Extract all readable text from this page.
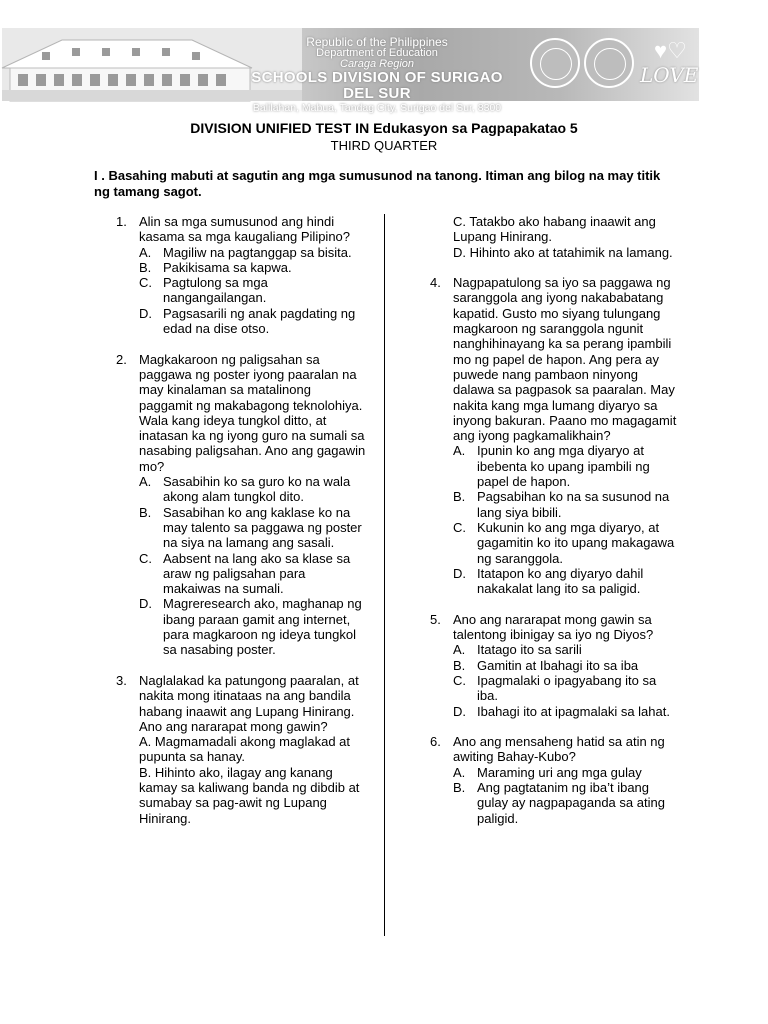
Republic of the Philippines
Department of Education
Caraga Region
SCHOOLS DIVISION OF SURIGAO DEL SUR
Balilahan, Mabua, Tandag City, Surigao del Sur, 8300
♥♡
LOVE
DIVISION UNIFIED TEST IN Edukasyon sa Pagpapakatao 5
THIRD QUARTER
I . Basahing mabuti at sagutin ang mga sumusunod na tanong. Itiman ang bilog na may titik ng tamang sagot.
1. Alin sa mga sumusunod ang hindi kasama sa mga kaugaliang Pilipino?
A. Magiliw na pagtanggap sa bisita.
B. Pakikisama sa kapwa.
C. Pagtulong sa mga nangangailangan.
D. Pagsasarili ng anak pagdating ng edad na dise otso.
2. Magkakaroon ng paligsahan sa paggawa ng poster iyong paaralan na may kinalaman sa matalinong paggamit ng makabagong teknolohiya. Wala kang ideya tungkol ditto, at inatasan ka ng iyong guro na sumali sa nasabing paligsahan. Ano ang gagawin mo?
A. Sasabihin ko sa guro ko na wala akong alam tungkol dito.
B. Sasabihan ko ang kaklase ko na may talento sa paggawa ng poster na siya na lamang ang sasali.
C. Aabsent na lang ako sa klase sa araw ng paligsahan para makaiwas na sumali.
D. Magreresearch ako, maghanap ng ibang paraan gamit ang internet, para magkaroon ng ideya tungkol sa nasabing poster.
3. Naglalakad ka patungong paaralan, at nakita mong itinataas na ang bandila habang inaawit ang Lupang Hinirang. Ano ang nararapat mong gawin?
A. Magmamadali akong maglakad at pupunta sa hanay.
B. Hihinto ako, ilagay ang kanang kamay sa kaliwang banda ng dibdib at sumabay sa pag-awit ng Lupang Hinirang.
C. Tatakbo ako habang inaawit ang Lupang Hinirang.
D. Hihinto ako at tatahimik na lamang.
4. Nagpapatulong sa iyo sa paggawa ng saranggola ang iyong nakababatang kapatid. Gusto mo siyang tulungang magkaroon ng saranggola ngunit nanghihinayang ka sa perang ipambili mo ng papel de hapon. Ang pera ay puwede nang pambaon ninyong dalawa sa pagpasok sa paaralan. May nakita kang mga lumang diyaryo sa inyong bakuran. Paano mo magagamit ang iyong pagkamalikhain?
A. Ipunin ko ang mga diyaryo at ibebenta ko upang ipambili ng papel de hapon.
B. Pagsabihan ko na sa susunod na lang siya bibili.
C. Kukunin ko ang mga diyaryo, at gagamitin ko ito upang makagawa ng saranggola.
D. Itatapon ko ang diyaryo dahil nakakalat lang ito sa paligid.
5. Ano ang nararapat mong gawin sa talentong ibinigay sa iyo ng Diyos?
A. Itatago ito sa sarili
B. Gamitin at Ibahagi ito sa iba
C. Ipagmalaki o ipagyabang ito sa iba.
D. Ibahagi ito at ipagmalaki sa lahat.
6. Ano ang mensaheng hatid sa atin ng awiting Bahay-Kubo?
A. Maraming uri ang mga gulay
B. Ang pagtatanim ng iba’t ibang gulay ay nagpapaganda sa ating paligid.
